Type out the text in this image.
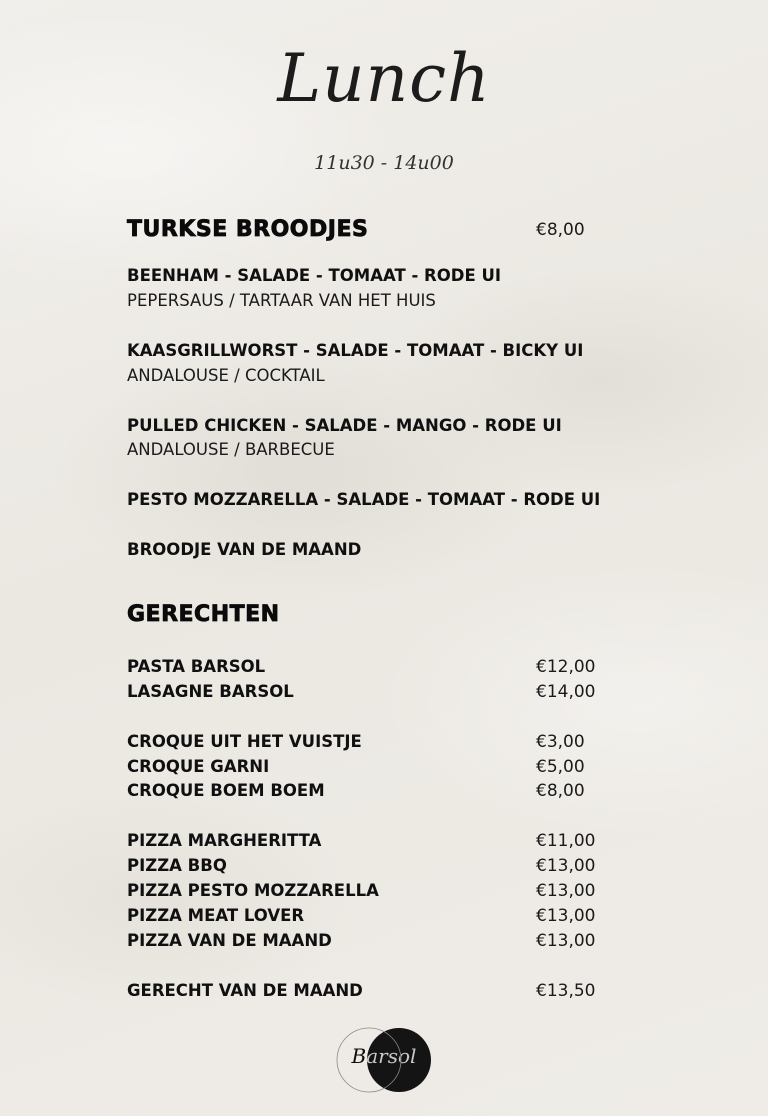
Lunch
11u30 - 14u00
TURKSE BROODJES	€8,00
BEENHAM - SALADE - TOMAAT - RODE UI
PEPERSAUS / TARTAAR VAN HET HUIS
KAASGRILLWORST - SALADE - TOMAAT - BICKY UI
ANDALOUSE / COCKTAIL
PULLED CHICKEN - SALADE - MANGO - RODE UI
ANDALOUSE / BARBECUE
PESTO MOZZARELLA - SALADE - TOMAAT - RODE UI
BROODJE VAN DE MAAND
GERECHTEN
PASTA BARSOL	€12,00
LASAGNE BARSOL	€14,00
CROQUE UIT HET VUISTJE	€3,00
CROQUE GARNI	€5,00
CROQUE BOEM BOEM	€8,00
PIZZA MARGHERITTA	€11,00
PIZZA BBQ	€13,00
PIZZA PESTO MOZZARELLA	€13,00
PIZZA MEAT LOVER	€13,00
PIZZA VAN DE MAAND	€13,00
GERECHT VAN DE MAAND	€13,50
Barsol
